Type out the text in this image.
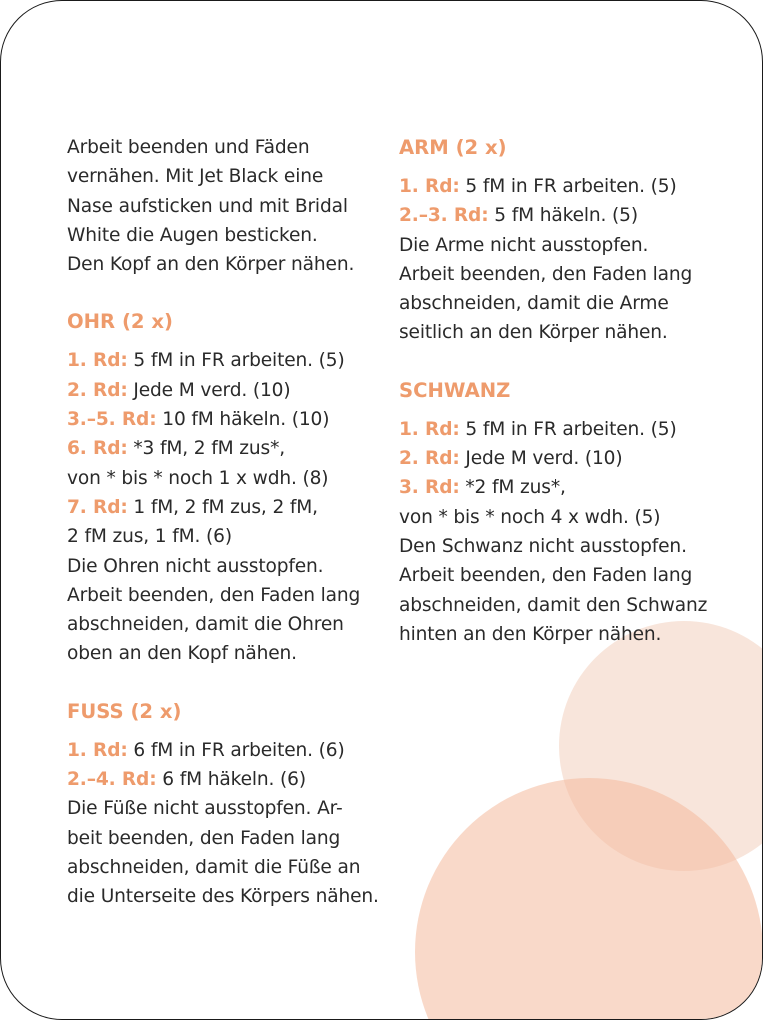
Arbeit beenden und Fäden
vernähen. Mit Jet Black eine
Nase aufsticken und mit Bridal
White die Augen besticken.
Den Kopf an den Körper nähen.
OHR (2 x)
1. Rd: 5 fM in FR arbeiten. (5)
2. Rd: Jede M verd. (10)
3.–5. Rd: 10 fM häkeln. (10)
6. Rd: *3 fM, 2 fM zus*,
von * bis * noch 1 x wdh. (8)
7. Rd: 1 fM, 2 fM zus, 2 fM,
2 fM zus, 1 fM. (6)
Die Ohren nicht ausstopfen.
Arbeit beenden, den Faden lang
abschneiden, damit die Ohren
oben an den Kopf nähen.
FUSS (2 x)
1. Rd: 6 fM in FR arbeiten. (6)
2.–4. Rd: 6 fM häkeln. (6)
Die Füße nicht ausstopfen. Ar-
beit beenden, den Faden lang
abschneiden, damit die Füße an
die Unterseite des Körpers nähen.
ARM (2 x)
1. Rd: 5 fM in FR arbeiten. (5)
2.–3. Rd: 5 fM häkeln. (5)
Die Arme nicht ausstopfen.
Arbeit beenden, den Faden lang
abschneiden, damit die Arme
seitlich an den Körper nähen.
SCHWANZ
1. Rd: 5 fM in FR arbeiten. (5)
2. Rd: Jede M verd. (10)
3. Rd: *2 fM zus*,
von * bis * noch 4 x wdh. (5)
Den Schwanz nicht ausstopfen.
Arbeit beenden, den Faden lang
abschneiden, damit den Schwanz
hinten an den Körper nähen.
